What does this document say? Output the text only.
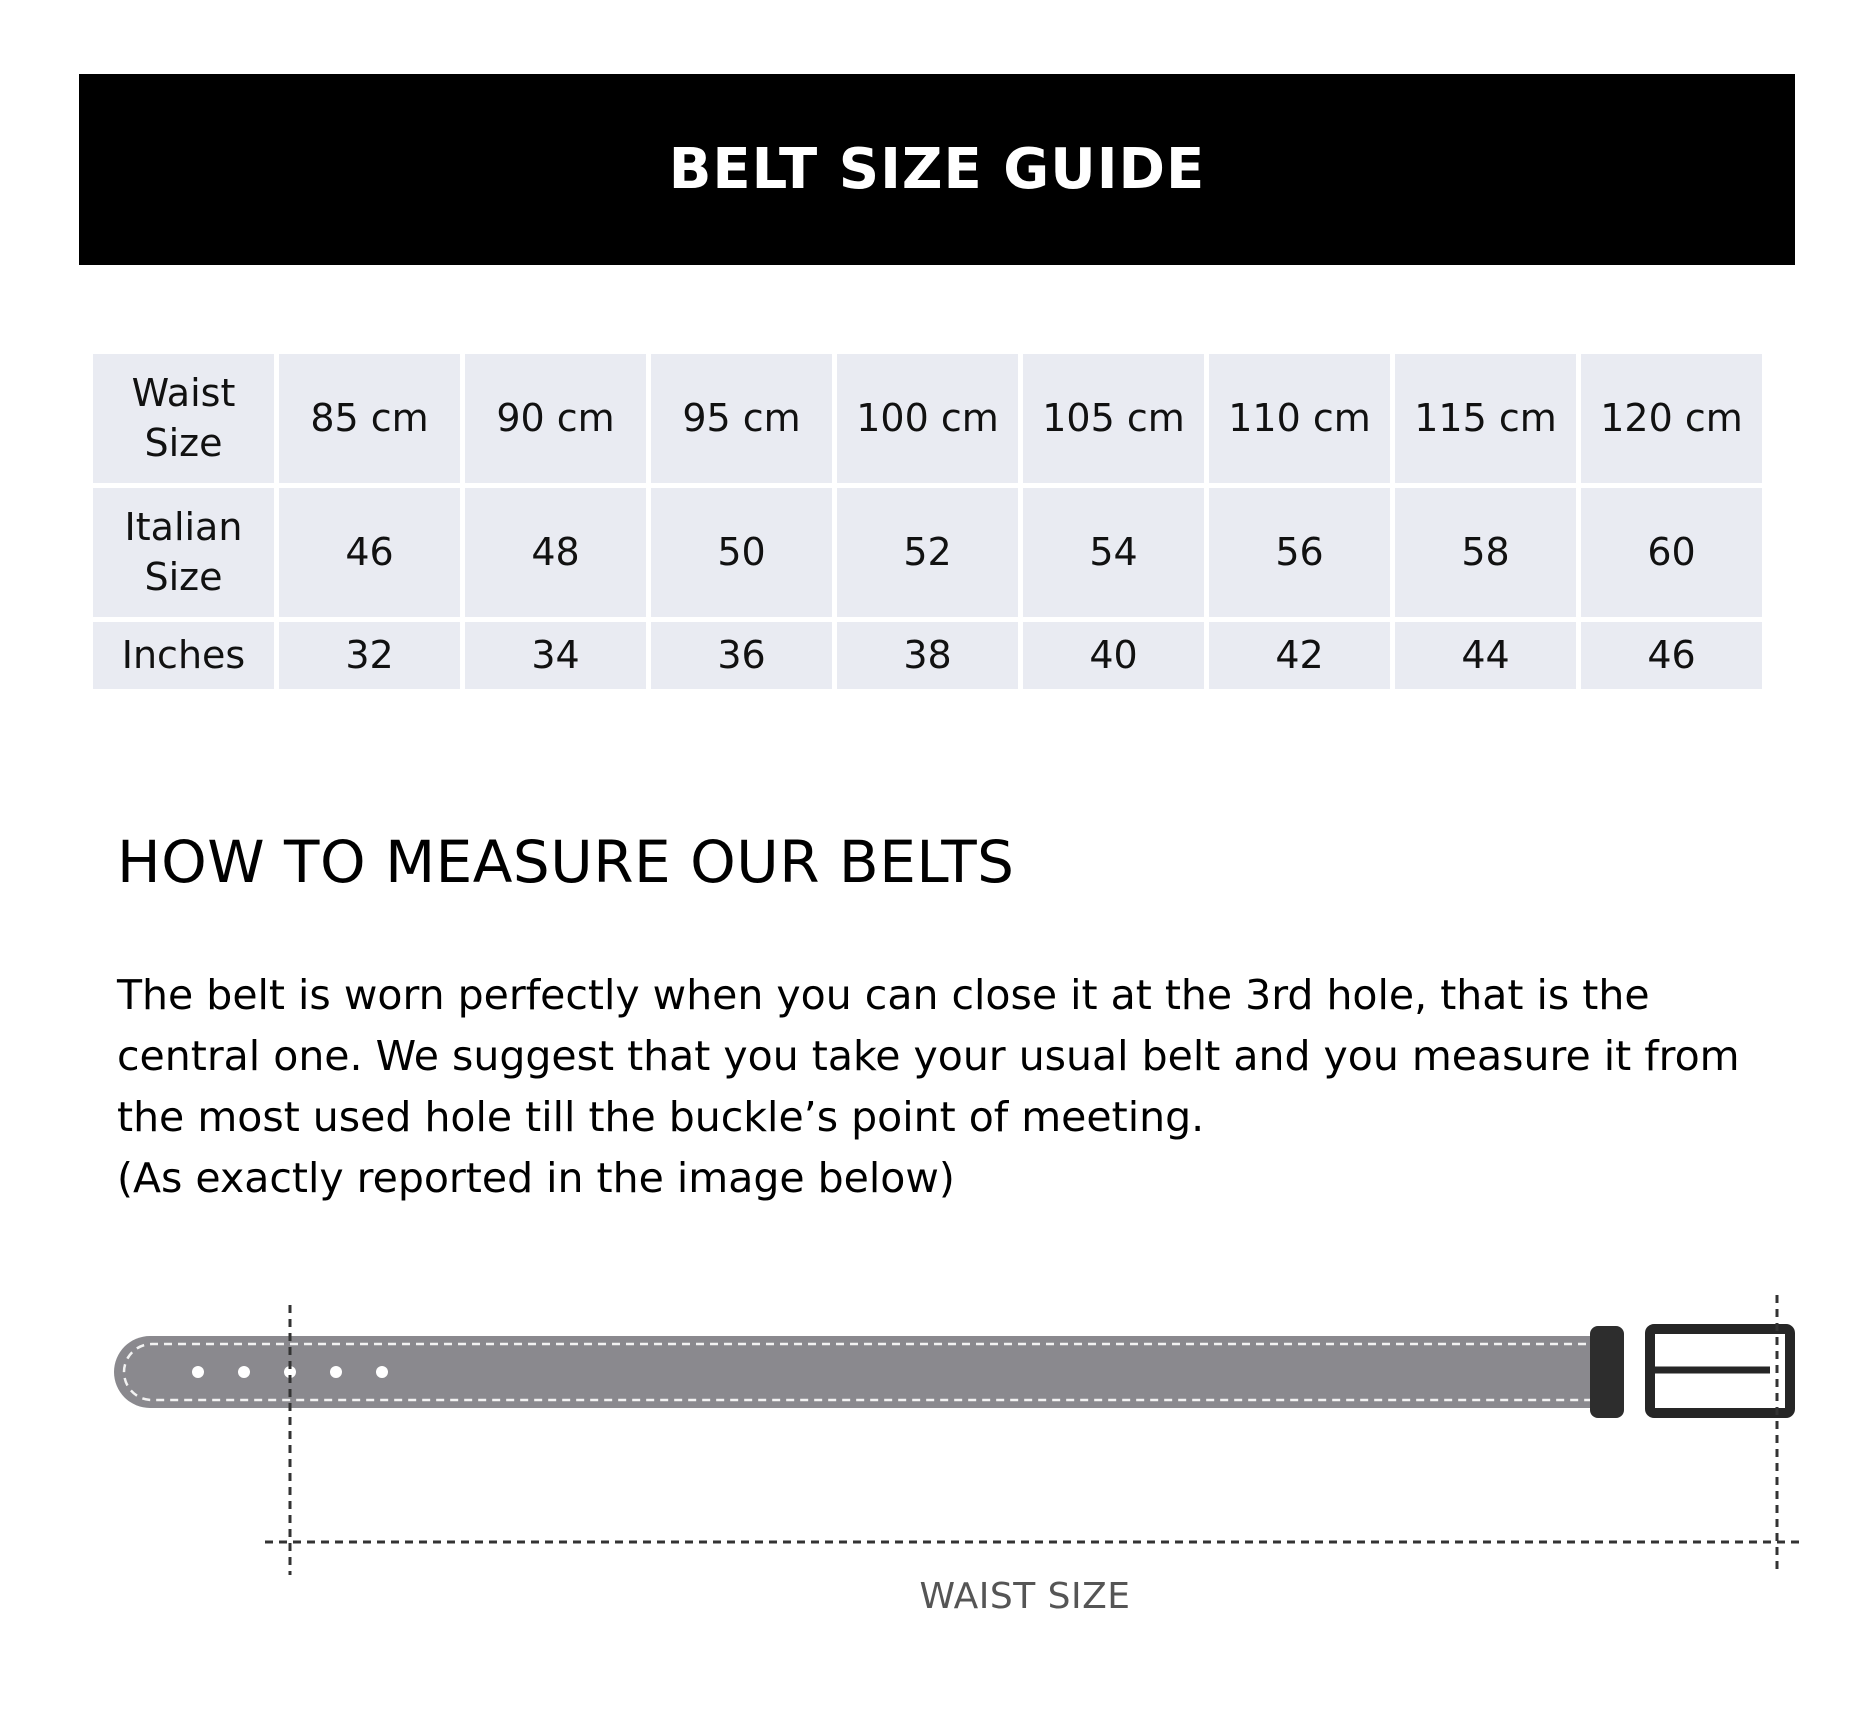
BELT SIZE GUIDE
Waist
Size	85 cm	90 cm	95 cm	100 cm	105 cm	110 cm	115 cm	120 cm
Italian
Size	46	48	50	52	54	56	58	60
Inches	32	34	36	38	40	42	44	46
HOW TO MEASURE OUR BELTS
The belt is worn perfectly when you can close it at the 3rd hole, that is the
central one. We suggest that you take your usual belt and you measure it from
the most used hole till the buckle’s point of meeting.
(As exactly reported in the image below)
WAIST SIZE
